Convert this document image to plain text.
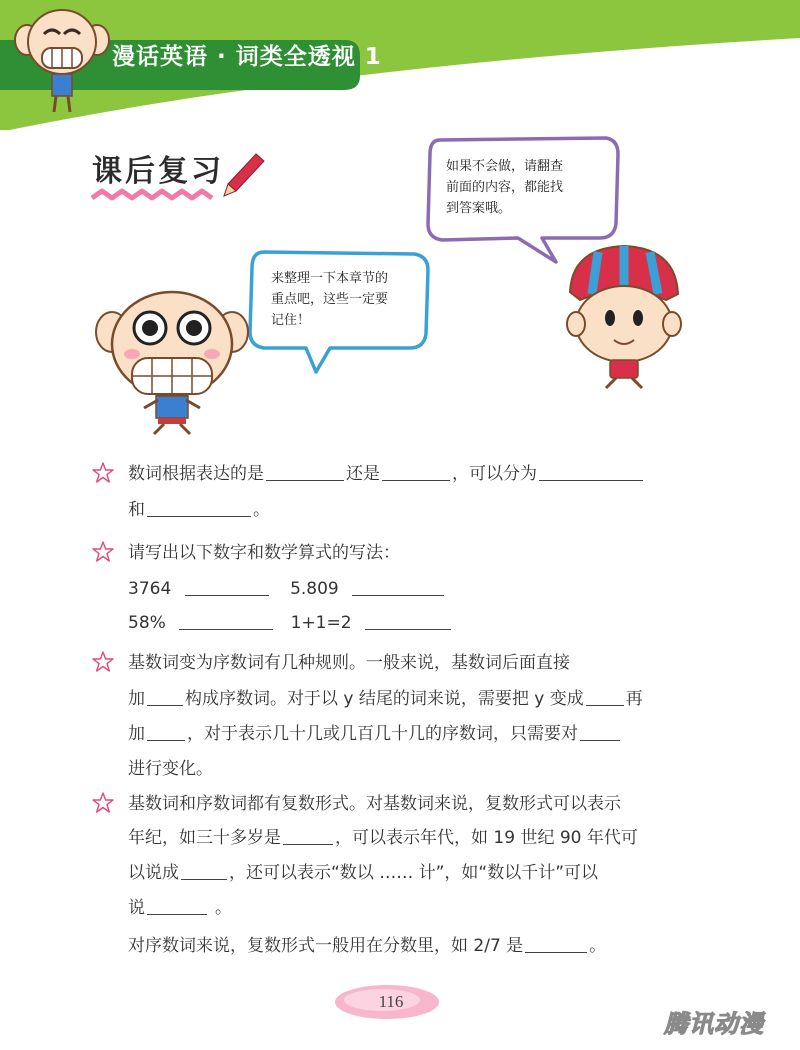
漫话英语 · 词类全透视 1
课后复习	如果不会做，请翻查
前面的内容，都能找
到答案哦。
来整理一下本章节的
重点吧，这些一定要
记住！
数词根据表达的是	还是	，可以分为
和	。
请写出以下数字和数学算式的写法：
3764	5.809
58%	1+1=2
基数词变为序数词有几种规则。一般来说，基数词后面直接
加 构成序数词。对于以 y 结尾的词来说，需要把 y 变成 再
加 ，对于表示几十几或几百几十几的序数词，只需要对
进行变化。
基数词和序数词都有复数形式。对基数词来说，复数形式可以表示
年纪，如三十多岁是	，可以表示年代，如 19 世纪 90 年代可
以说成	，还可以表示“数以 …… 计”，如“数以千计”可以
说	。
对序数词来说，复数形式一般用在分数里，如 2/7 是	。
116
腾讯动漫
